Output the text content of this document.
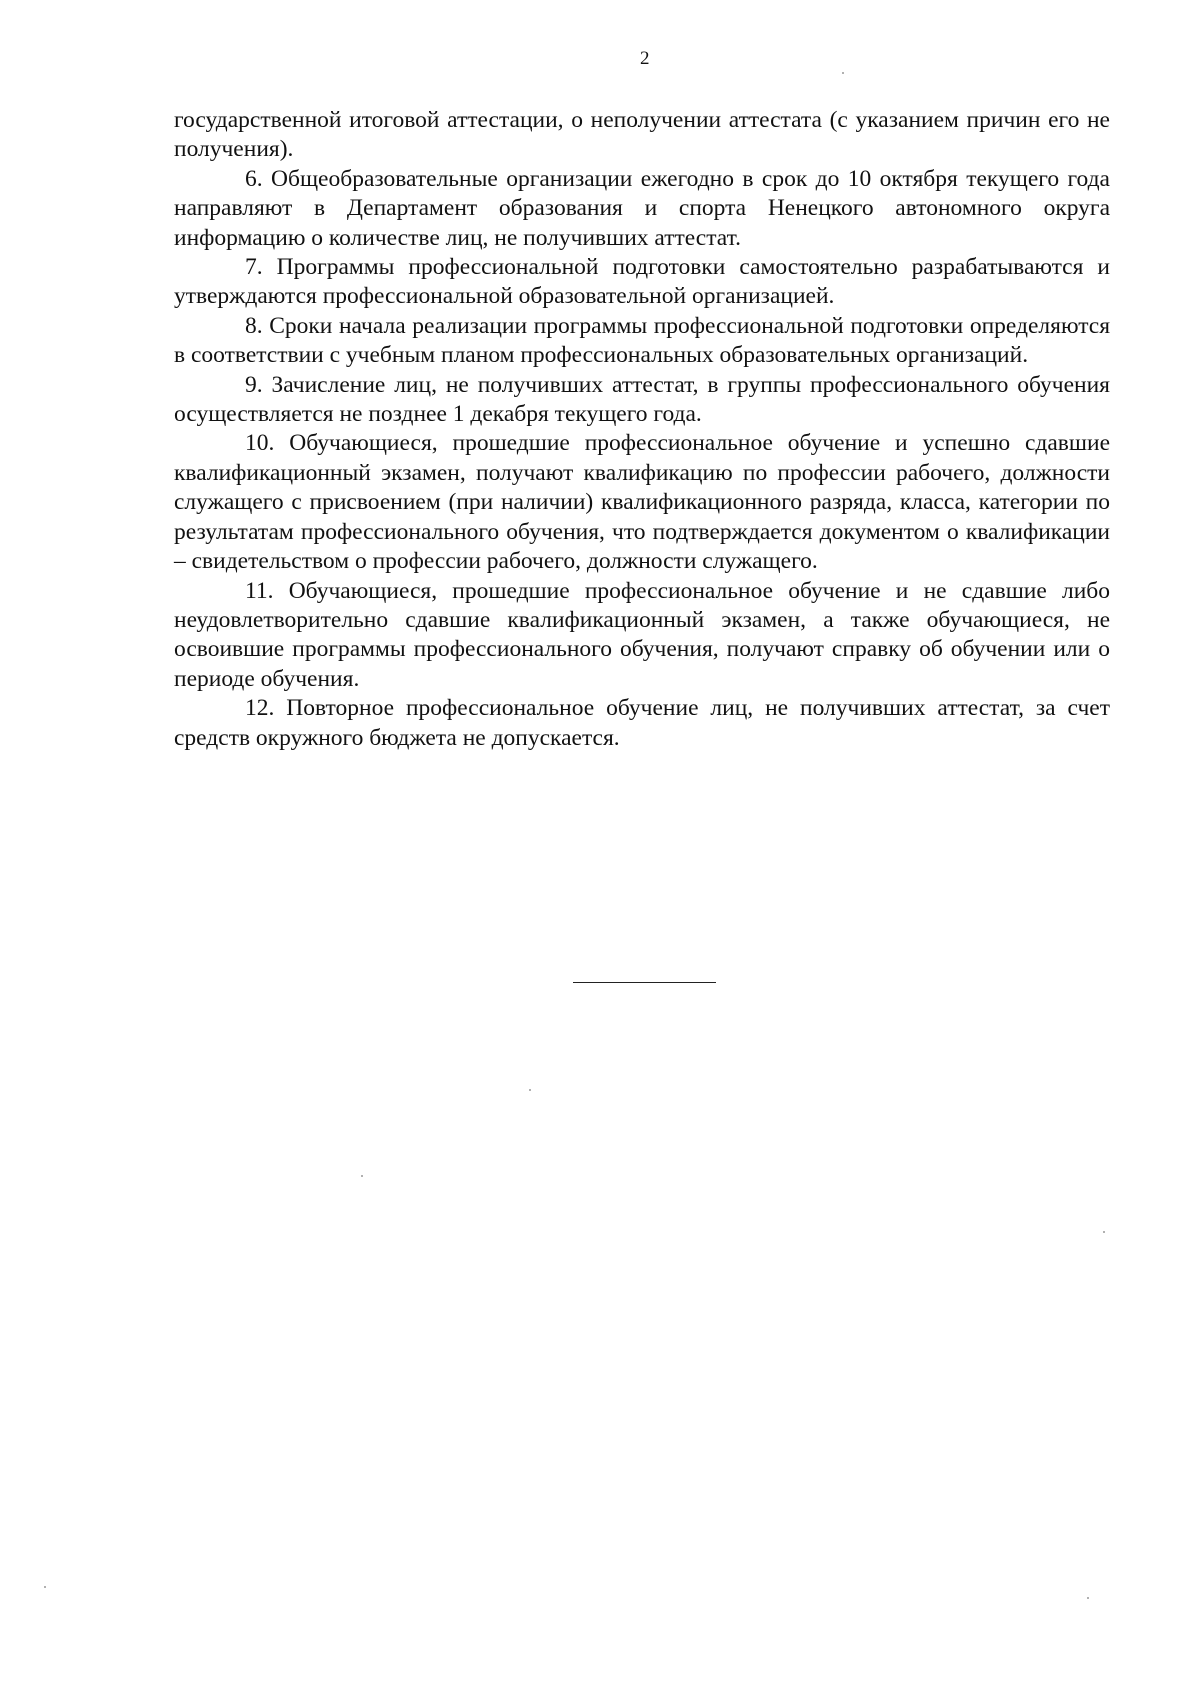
2

государственной итоговой аттестации, о неполучении аттестата (с указанием причин его не получения).

6. Общеобразовательные организации ежегодно в срок до 10 октября текущего года направляют в Департамент образования и спорта Ненецкого автономного округа информацию о количестве лиц, не получивших аттестат.

7. Программы профессиональной подготовки самостоятельно разрабатываются и утверждаются профессиональной образовательной организацией.

8. Сроки начала реализации программы профессиональной подготовки определяются в соответствии с учебным планом профессиональных образовательных организаций.

9. Зачисление лиц, не получивших аттестат, в группы профессионального обучения осуществляется не позднее 1 декабря текущего года.

10. Обучающиеся, прошедшие профессиональное обучение и успешно сдавшие квалификационный экзамен, получают квалификацию по профессии рабочего, должности служащего с присвоением (при наличии) квалификационного разряда, класса, категории по результатам профессионального обучения, что подтверждается документом о квалификации – свидетельством о профессии рабочего, должности служащего.

11. Обучающиеся, прошедшие профессиональное обучение и не сдавшие либо неудовлетворительно сдавшие квалификационный экзамен, а также обучающиеся, не освоившие программы профессионального обучения, получают справку об обучении или о периоде обучения.

12. Повторное профессиональное обучение лиц, не получивших аттестат, за счет средств окружного бюджета не допускается.
